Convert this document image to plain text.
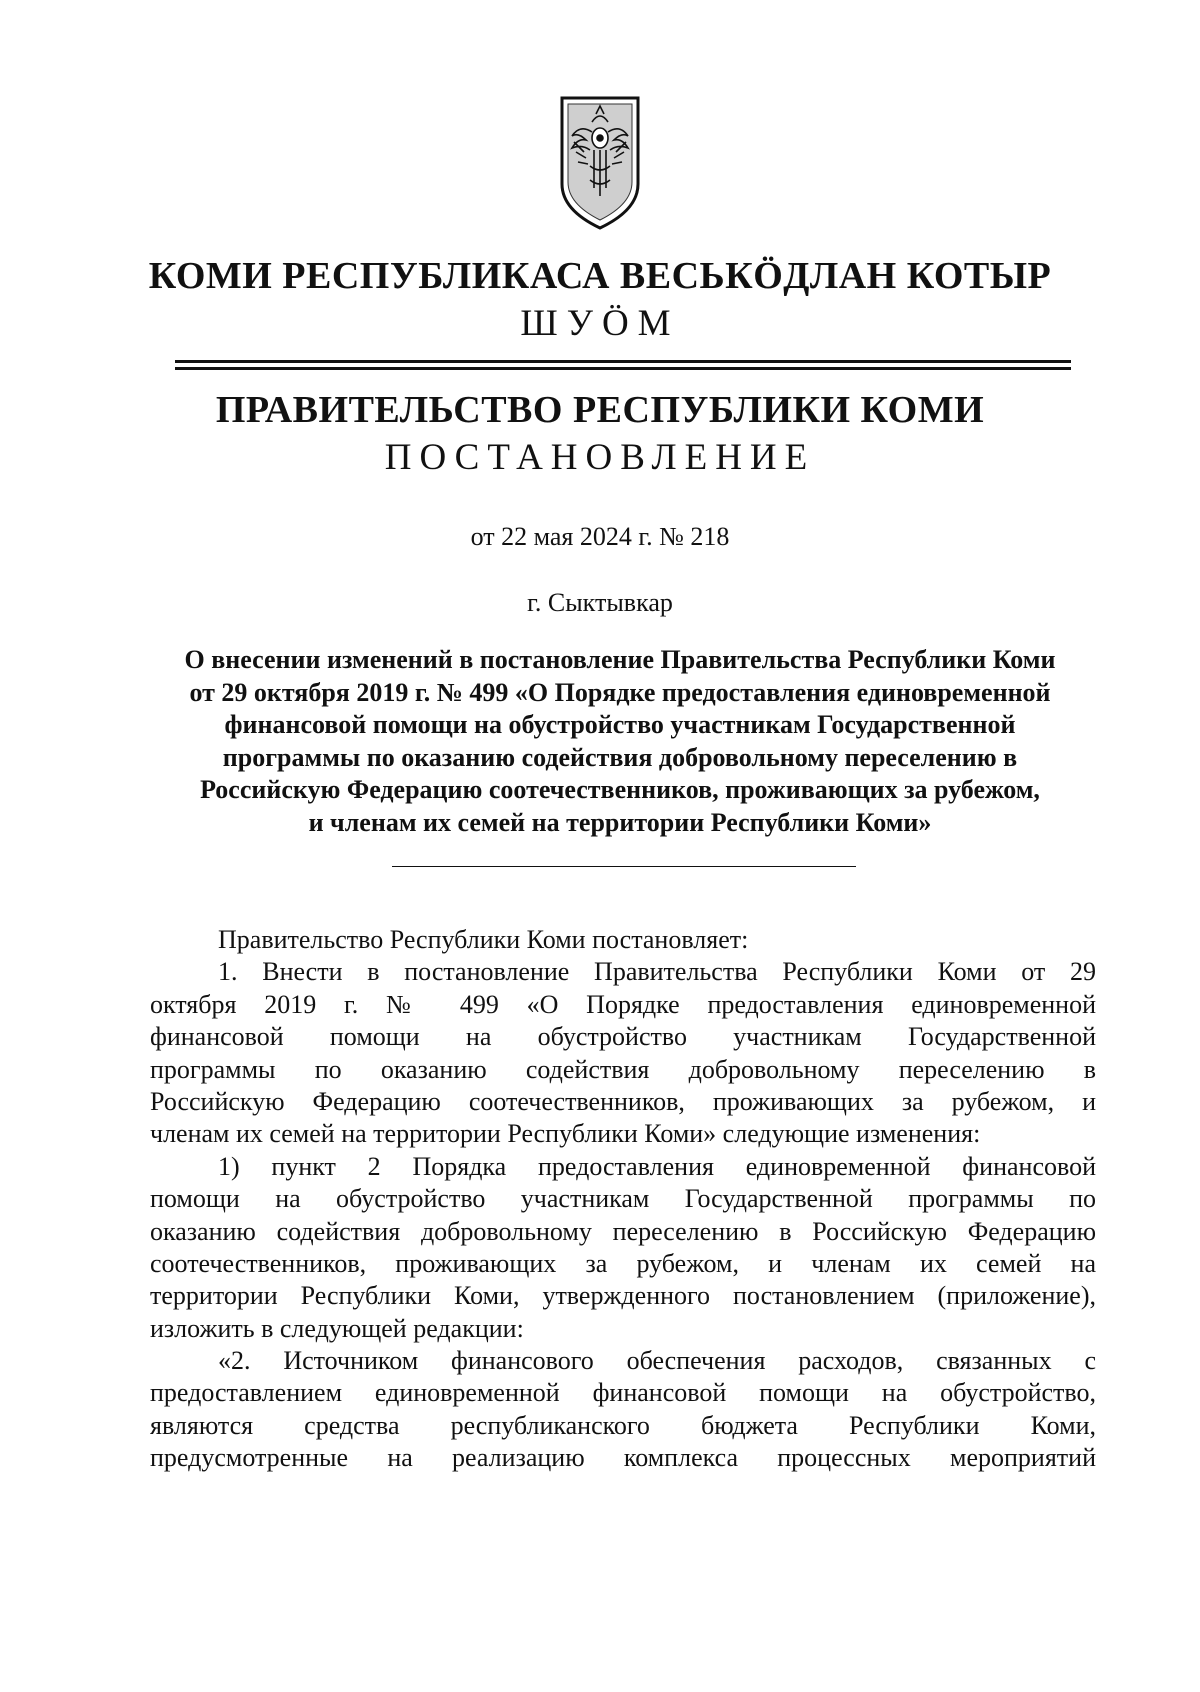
КОМИ РЕСПУБЛИКАСА ВЕСЬКӦДЛАН КОТЫР
ШУӦМ
ПРАВИТЕЛЬСТВО РЕСПУБЛИКИ КОМИ
ПОСТАНОВЛЕНИЕ
от 22 мая 2024 г. № 218
г. Сыктывкар
О внесении изменений в постановление Правительства Республики Коми
от 29 октября 2019 г. № 499 «О Порядке предоставления единовременной
финансовой помощи на обустройство участникам Государственной
программы по оказанию содействия добровольному переселению в
Российскую Федерацию соотечественников, проживающих за рубежом,
и членам их семей на территории Республики Коми»
Правительство Республики Коми постановляет:
1. Внести в постановление Правительства Республики Коми от 29
октября 2019 г. № 499 «О Порядке предоставления единовременной
финансовой помощи на обустройство участникам Государственной
программы по оказанию содействия добровольному переселению в
Российскую Федерацию соотечественников, проживающих за рубежом, и
членам их семей на территории Республики Коми» следующие изменения:
1) пункт 2 Порядка предоставления единовременной финансовой
помощи на обустройство участникам Государственной программы по
оказанию содействия добровольному переселению в Российскую Федерацию
соотечественников, проживающих за рубежом, и членам их семей на
территории Республики Коми, утвержденного постановлением (приложение),
изложить в следующей редакции:
«2. Источником финансового обеспечения расходов, связанных с
предоставлением единовременной финансовой помощи на обустройство,
являются средства республиканского бюджета Республики Коми,
предусмотренные на реализацию комплекса процессных мероприятий
